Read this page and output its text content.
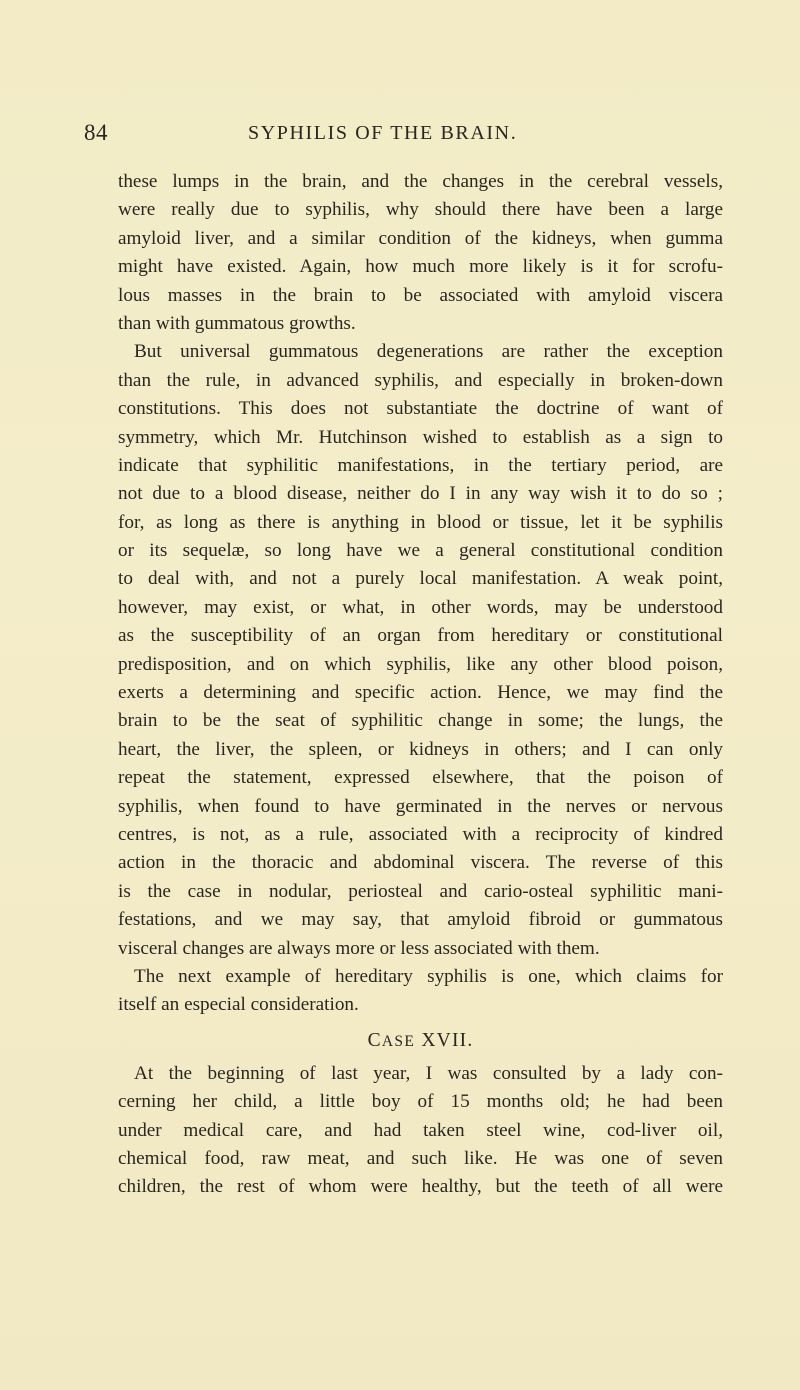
84	SYPHILIS OF THE BRAIN.
these lumps in the brain, and the changes in the cerebral vessels,
were really due to syphilis, why should there have been a large
amyloid liver, and a similar condition of the kidneys, when gumma
might have existed. Again, how much more likely is it for scrofu-
lous masses in the brain to be associated with amyloid viscera
than with gummatous growths.
But universal gummatous degenerations are rather the exception
than the rule, in advanced syphilis, and especially in broken-down
constitutions. This does not substantiate the doctrine of want of
symmetry, which Mr. Hutchinson wished to establish as a sign to
indicate that syphilitic manifestations, in the tertiary period, are
not due to a blood disease, neither do I in any way wish it to do so ;
for, as long as there is anything in blood or tissue, let it be syphilis
or its sequelæ, so long have we a general constitutional condition
to deal with, and not a purely local manifestation. A weak point,
however, may exist, or what, in other words, may be understood
as the susceptibility of an organ from hereditary or constitutional
predisposition, and on which syphilis, like any other blood poison,
exerts a determining and specific action. Hence, we may find the
brain to be the seat of syphilitic change in some; the lungs, the
heart, the liver, the spleen, or kidneys in others; and I can only
repeat the statement, expressed elsewhere, that the poison of
syphilis, when found to have germinated in the nerves or nervous
centres, is not, as a rule, associated with a reciprocity of kindred
action in the thoracic and abdominal viscera. The reverse of this
is the case in nodular, periosteal and cario-osteal syphilitic mani-
festations, and we may say, that amyloid fibroid or gummatous
visceral changes are always more or less associated with them.
The next example of hereditary syphilis is one, which claims for
itself an especial consideration.
CASE XVII.
At the beginning of last year, I was consulted by a lady con-
cerning her child, a little boy of 15 months old; he had been
under medical care, and had taken steel wine, cod-liver oil,
chemical food, raw meat, and such like. He was one of seven
children, the rest of whom were healthy, but the teeth of all were
